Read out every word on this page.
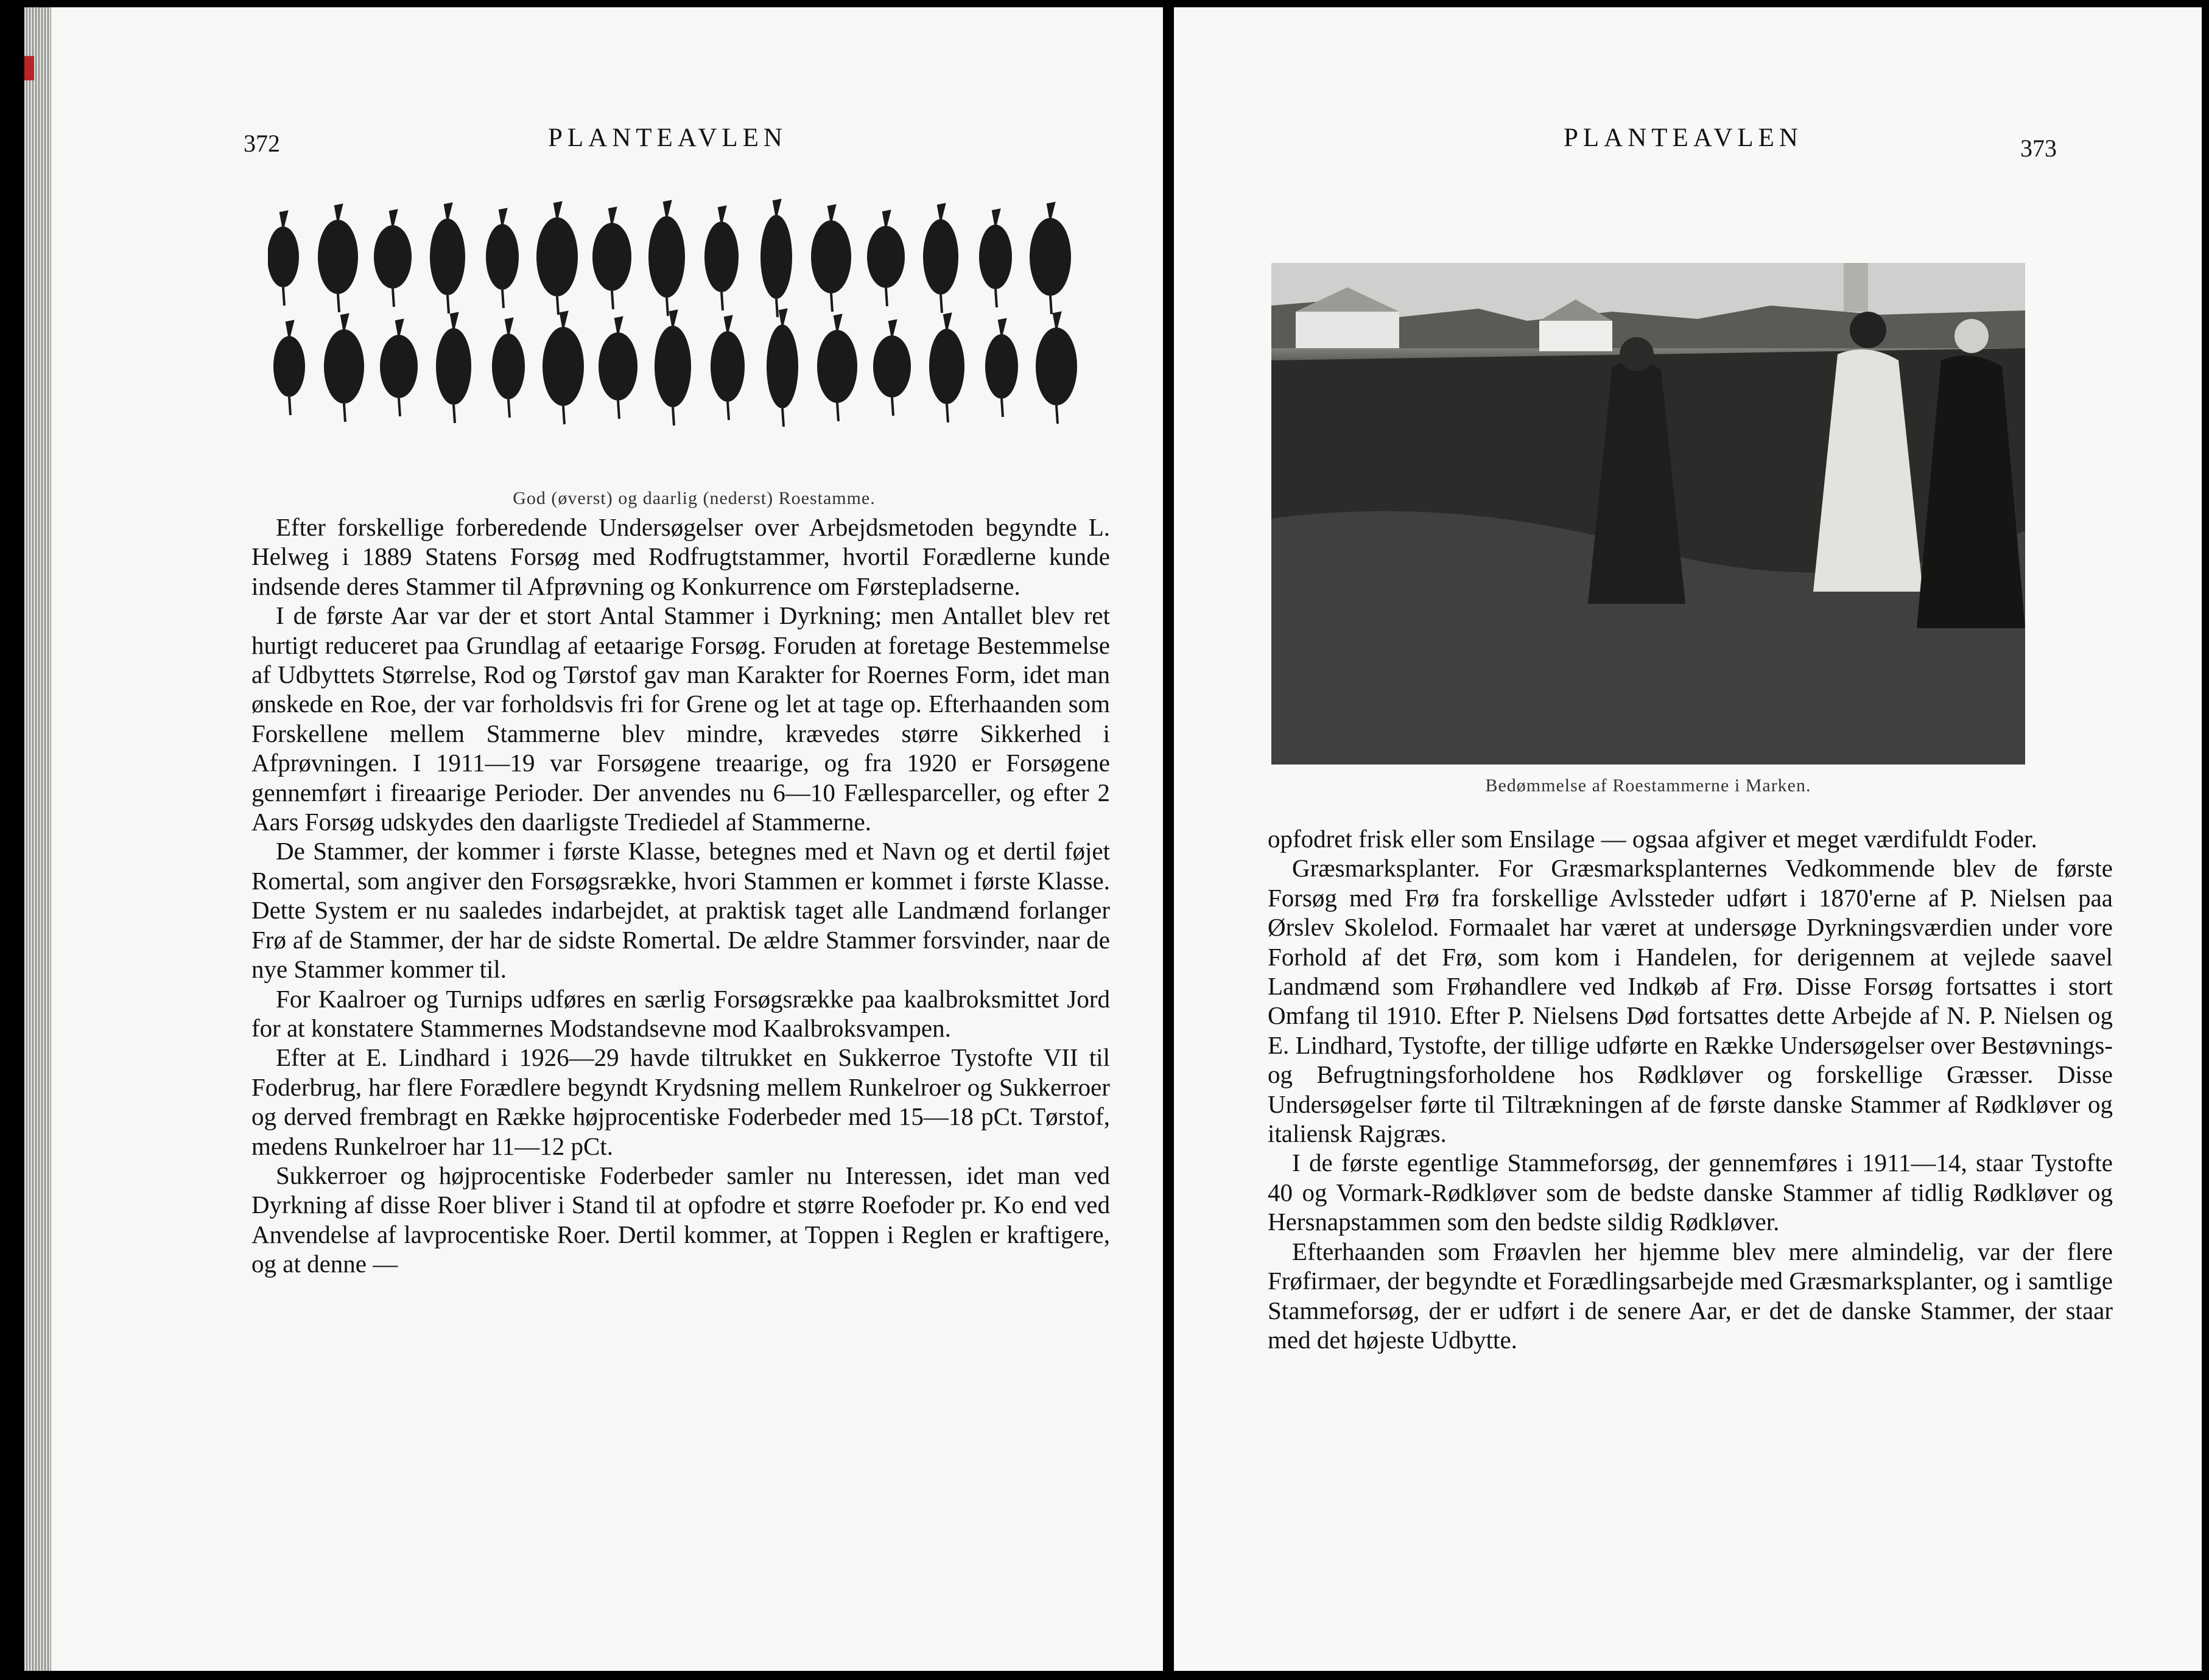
372	PLANTEAVLEN
God (øverst) og daarlig (nederst) Roestamme.

Efter forskellige forberedende Undersøgelser over Arbejdsmetoden begyndte L. Helweg i 1889 Statens Forsøg med Rodfrugtstammer, hvortil Forædlerne kunde indsende deres Stammer til Afprøvning og Konkurrence om Førstepladserne.

I de første Aar var der et stort Antal Stammer i Dyrkning; men Antallet blev ret hurtigt reduceret paa Grundlag af eetaarige Forsøg. Foruden at foretage Bestemmelse af Udbyttets Størrelse, Rod og Tørstof gav man Karakter for Roernes Form, idet man ønskede en Roe, der var forholdsvis fri for Grene og let at tage op. Efterhaanden som Forskellene mellem Stammerne blev mindre, krævedes større Sikkerhed i Afprøvningen. I 1911—19 var Forsøgene treaarige, og fra 1920 er Forsøgene gennemført i fireaarige Perioder. Der anvendes nu 6—10 Fællesparceller, og efter 2 Aars Forsøg udskydes den daarligste Trediedel af Stammerne.

De Stammer, der kommer i første Klasse, betegnes med et Navn og et dertil føjet Romertal, som angiver den Forsøgsrække, hvori Stammen er kommet i første Klasse. Dette System er nu saaledes indarbejdet, at praktisk taget alle Landmænd forlanger Frø af de Stammer, der har de sidste Romertal. De ældre Stammer forsvinder, naar de nye Stammer kommer til.

For Kaalroer og Turnips udføres en særlig Forsøgsrække paa kaalbroksmittet Jord for at konstatere Stammernes Modstandsevne mod Kaalbroksvampen.

Efter at E. Lindhard i 1926—29 havde tiltrukket en Sukkerroe Tystofte VII til Foderbrug, har flere Forædlere begyndt Krydsning mellem Runkelroer og Sukkerroer og derved frembragt en Række højprocentiske Foderbeder med 15—18 pCt. Tørstof, medens Runkelroer har 11—12 pCt.

Sukkerroer og højprocentiske Foderbeder samler nu Interessen, idet man ved Dyrkning af disse Roer bliver i Stand til at opfodre et større Roefoder pr. Ko end ved Anvendelse af lavprocentiske Roer. Dertil kommer, at Toppen i Reglen er kraftigere, og at denne —

PLANTEAVLEN	373
Bedømmelse af Roestammerne i Marken.

opfodret frisk eller som Ensilage — ogsaa afgiver et meget værdifuldt Foder.

Græsmarksplanter. For Græsmarksplanternes Vedkommende blev de første Forsøg med Frø fra forskellige Avlssteder udført i 1870'erne af P. Nielsen paa Ørslev Skolelod. Formaalet har været at undersøge Dyrkningsværdien under vore Forhold af det Frø, som kom i Handelen, for derigennem at vejlede saavel Landmænd som Frøhandlere ved Indkøb af Frø. Disse Forsøg fortsattes i stort Omfang til 1910. Efter P. Nielsens Død fortsattes dette Arbejde af N. P. Nielsen og E. Lindhard, Tystofte, der tillige udførte en Række Undersøgelser over Bestøvnings- og Befrugtningsforholdene hos Rødkløver og forskellige Græsser. Disse Undersøgelser førte til Tiltrækningen af de første danske Stammer af Rødkløver og italiensk Rajgræs.

I de første egentlige Stammeforsøg, der gennemføres i 1911—14, staar Tystofte 40 og Vormark-Rødkløver som de bedste danske Stammer af tidlig Rødkløver og Hersnapstammen som den bedste sildig Rødkløver.

Efterhaanden som Frøavlen her hjemme blev mere almindelig, var der flere Frøfirmaer, der begyndte et Forædlingsarbejde med Græsmarksplanter, og i samtlige Stammeforsøg, der er udført i de senere Aar, er det de danske Stammer, der staar med det højeste Udbytte.
